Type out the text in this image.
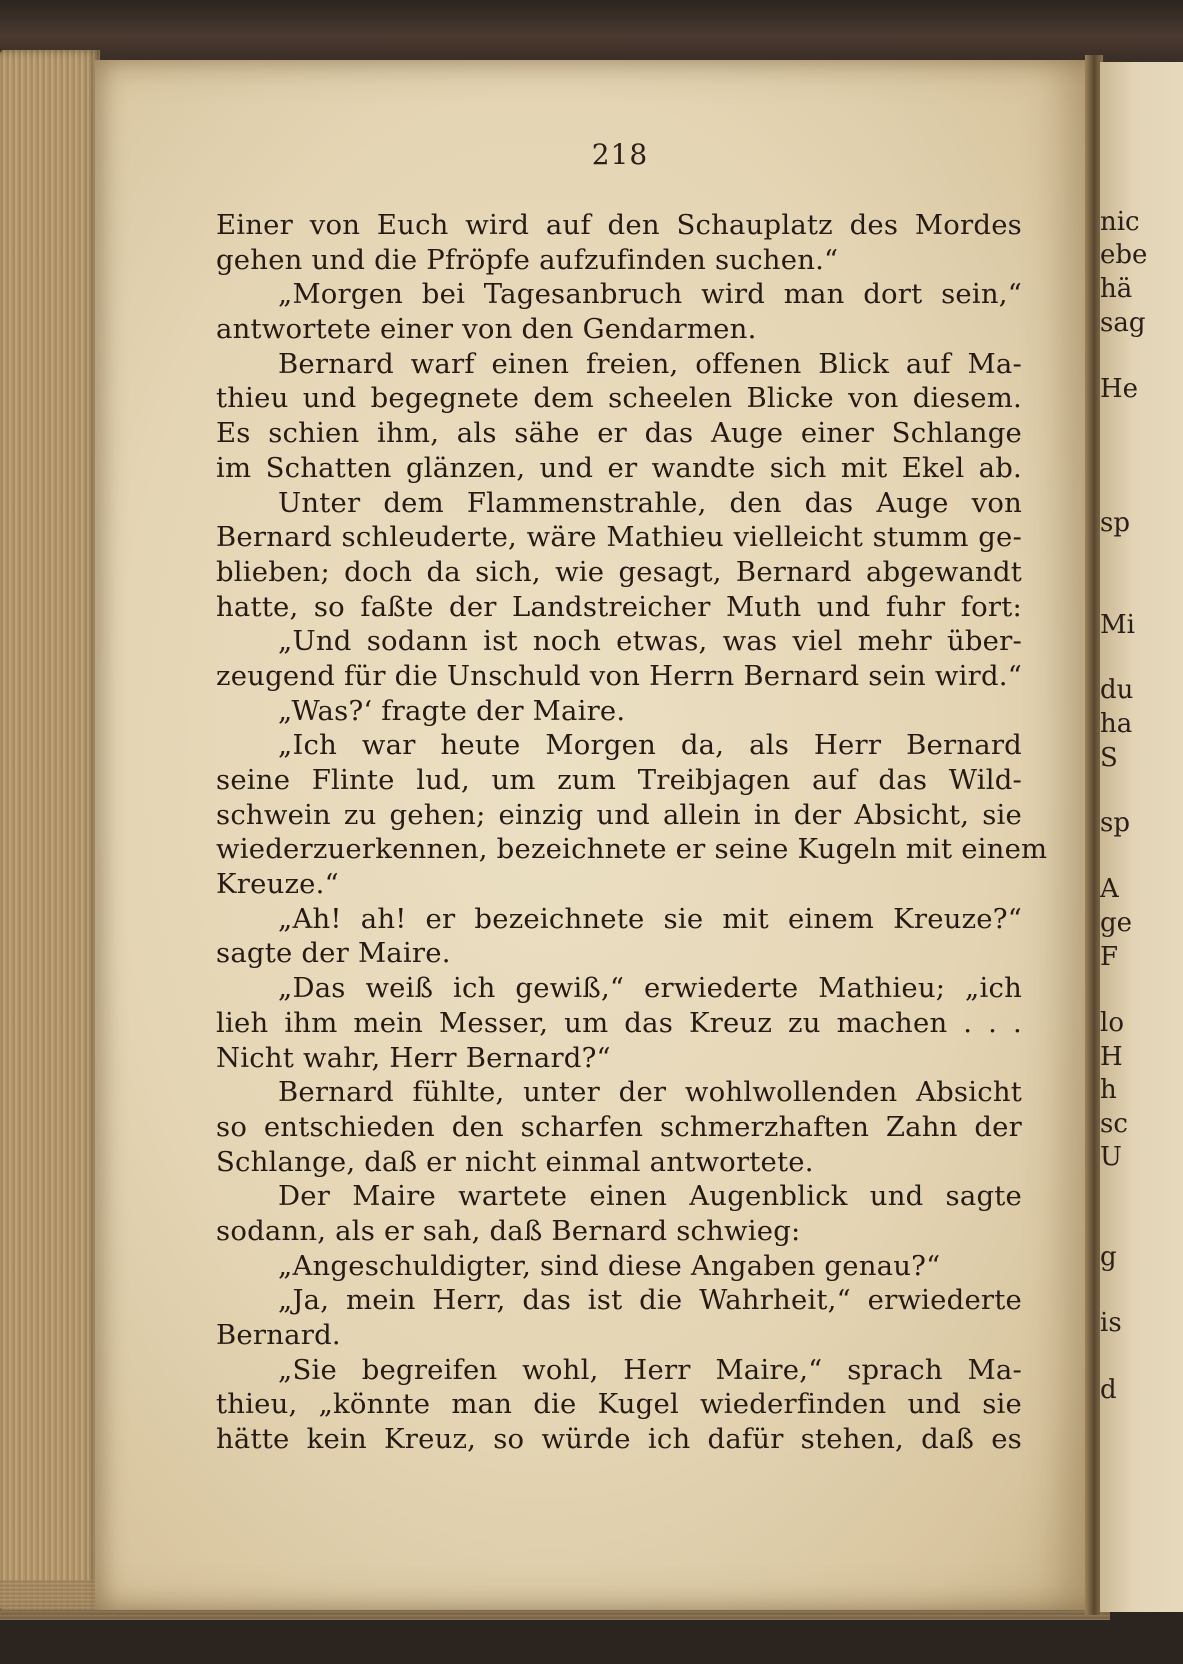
nic
ebe
hä
sag
He
sp
Mi
du
ha
S
sp
A
ge
F
lo
H
h
sc
U
g
is
d
218
Einer von Euch wird auf den Schauplatz des Mordes
gehen und die Pfröpfe aufzufinden suchen.“
„Morgen bei Tagesanbruch wird man dort sein,“
antwortete einer von den Gendarmen.
Bernard warf einen freien, offenen Blick auf Ma-
thieu und begegnete dem scheelen Blicke von diesem.
Es schien ihm, als sähe er das Auge einer Schlange
im Schatten glänzen, und er wandte sich mit Ekel ab.
Unter dem Flammenstrahle, den das Auge von
Bernard schleuderte, wäre Mathieu vielleicht stumm ge-
blieben; doch da sich, wie gesagt, Bernard abgewandt
hatte, so faßte der Landstreicher Muth und fuhr fort:
„Und sodann ist noch etwas, was viel mehr über-
zeugend für die Unschuld von Herrn Bernard sein wird.“
„Was?‘ fragte der Maire.
„Ich war heute Morgen da, als Herr Bernard
seine Flinte lud, um zum Treibjagen auf das Wild-
schwein zu gehen; einzig und allein in der Absicht, sie
wiederzuerkennen, bezeichnete er seine Kugeln mit einem
Kreuze.“
„Ah! ah! er bezeichnete sie mit einem Kreuze?“
sagte der Maire.
„Das weiß ich gewiß,“ erwiederte Mathieu; „ich
lieh ihm mein Messer, um das Kreuz zu machen . . .
Nicht wahr, Herr Bernard?“
Bernard fühlte, unter der wohlwollenden Absicht
so entschieden den scharfen schmerzhaften Zahn der
Schlange, daß er nicht einmal antwortete.
Der Maire wartete einen Augenblick und sagte
sodann, als er sah, daß Bernard schwieg:
„Angeschuldigter, sind diese Angaben genau?“
„Ja, mein Herr, das ist die Wahrheit,“ erwiederte
Bernard.
„Sie begreifen wohl, Herr Maire,“ sprach Ma-
thieu, „könnte man die Kugel wiederfinden und sie
hätte kein Kreuz, so würde ich dafür stehen, daß es
